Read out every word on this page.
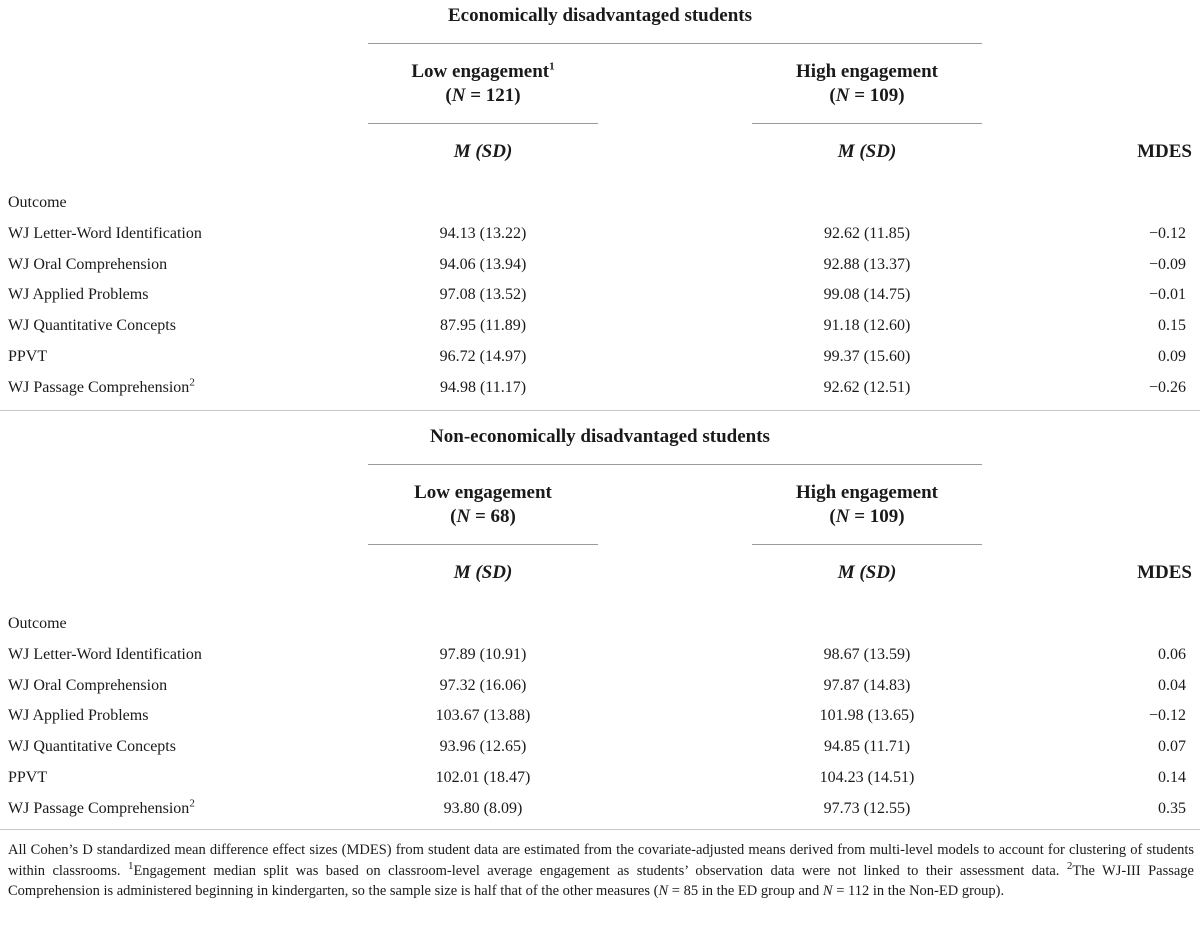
Economically disadvantaged students
Low engagement$^1$
(N = 121)
High engagement
(N = 109)
M (SD)	M (SD)	MDES
Outcome
WJ Letter-Word Identification	94.13 (13.22)	92.62 (11.85)	−0.12
WJ Oral Comprehension	94.06 (13.94)	92.88 (13.37)	−0.09
WJ Applied Problems	97.08 (13.52)	99.08 (14.75)	−0.01
WJ Quantitative Concepts	87.95 (11.89)	91.18 (12.60)	0.15
PPVT	96.72 (14.97)	99.37 (15.60)	0.09
WJ Passage Comprehension$^2$	94.98 (11.17)	92.62 (12.51)	−0.26
Non-economically disadvantaged students
Low engagement
(N = 68)
High engagement
(N = 109)
M (SD)	M (SD)	MDES
Outcome
WJ Letter-Word Identification	97.89 (10.91)	98.67 (13.59)	0.06
WJ Oral Comprehension	97.32 (16.06)	97.87 (14.83)	0.04
WJ Applied Problems	103.67 (13.88)	101.98 (13.65)	−0.12
WJ Quantitative Concepts	93.96 (12.65)	94.85 (11.71)	0.07
PPVT	102.01 (18.47)	104.23 (14.51)	0.14
WJ Passage Comprehension$^2$	93.80 (8.09)	97.73 (12.55)	0.35
All Cohen’s D standardized mean difference effect sizes (MDES) from student data are estimated from the covariate-adjusted means derived from multi-level models to account for clustering of students within classrooms. $^1$Engagement median split was based on classroom-level average engagement as students’ observation data were not linked to their assessment data. $^2$The WJ-III Passage Comprehension is administered beginning in kindergarten, so the sample size is half that of the other measures (N = 85 in the ED group and N = 112 in the Non-ED group).
